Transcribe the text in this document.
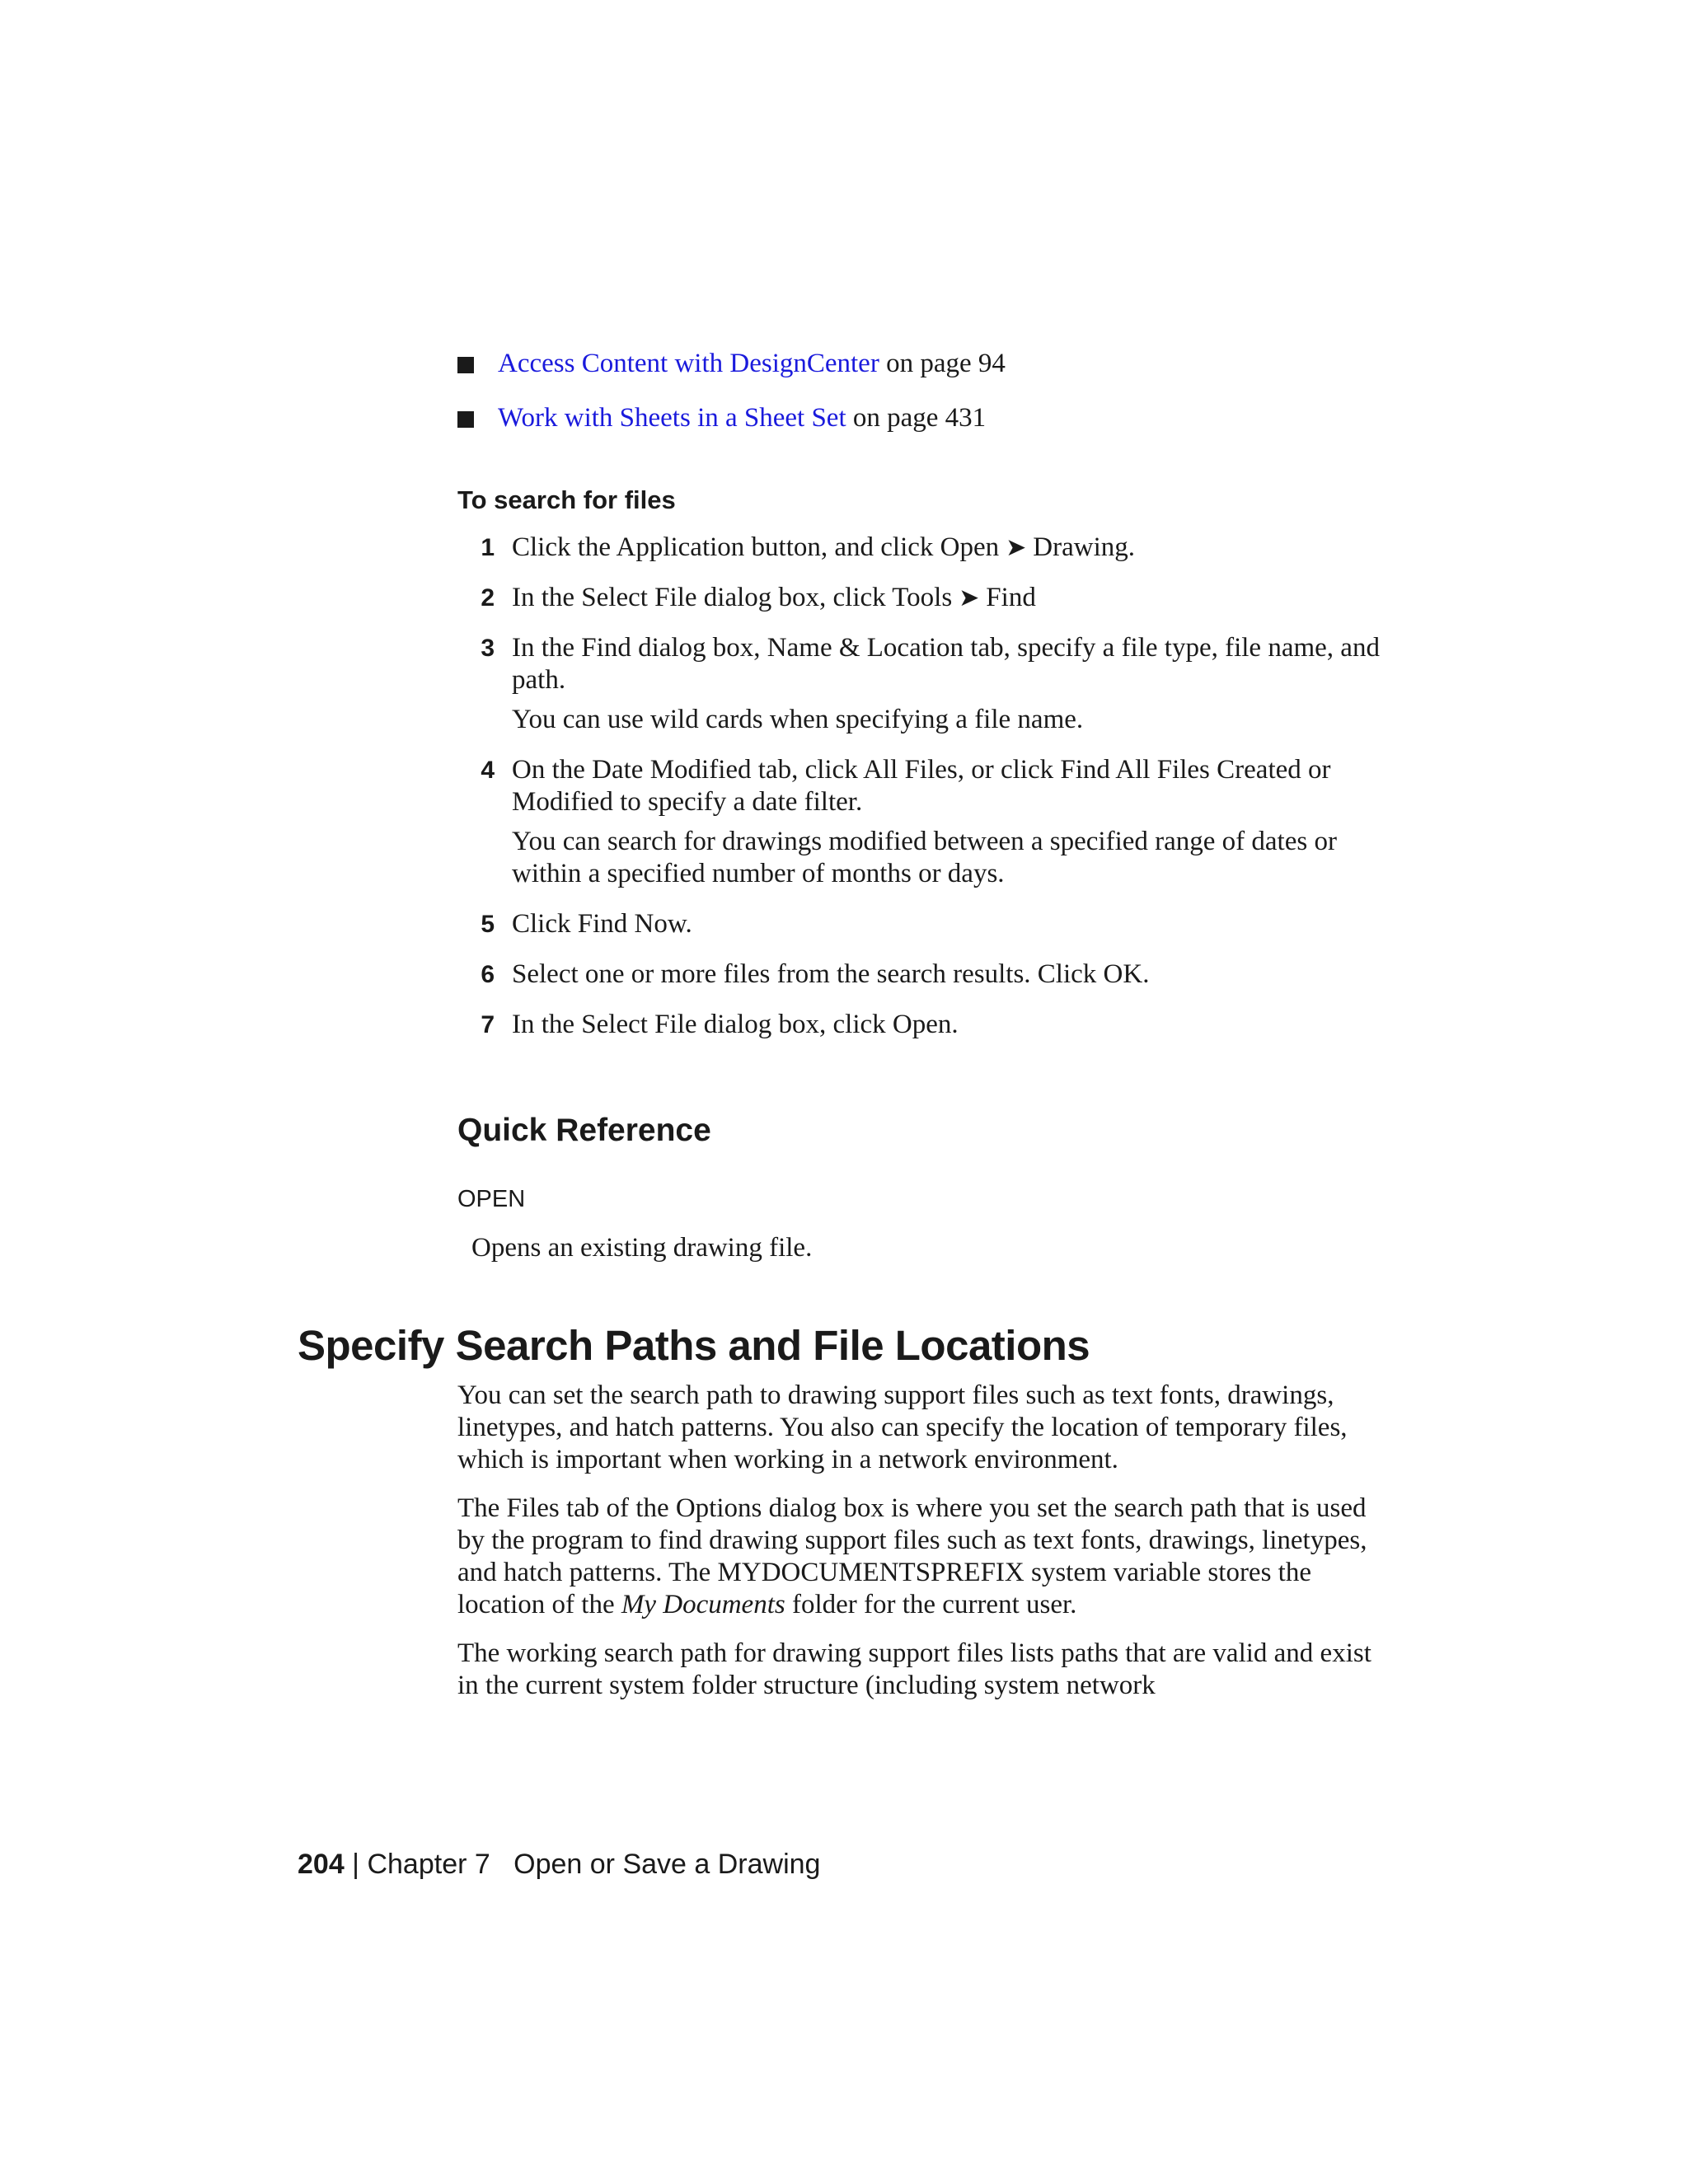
Access Content with DesignCenter on page 94
Work with Sheets in a Sheet Set on page 431
To search for files
1 Click the Application button, and click Open ➤ Drawing.
2 In the Select File dialog box, click Tools ➤ Find
3 In the Find dialog box, Name & Location tab, specify a file type, file name, and path.
You can use wild cards when specifying a file name.
4 On the Date Modified tab, click All Files, or click Find All Files Created or Modified to specify a date filter.
You can search for drawings modified between a specified range of dates or within a specified number of months or days.
5 Click Find Now.
6 Select one or more files from the search results. Click OK.
7 In the Select File dialog box, click Open.
Quick Reference
OPEN
Opens an existing drawing file.
Specify Search Paths and File Locations

You can set the search path to drawing support files such as text fonts, drawings, linetypes, and hatch patterns. You also can specify the location of temporary files, which is important when working in a network environment.

The Files tab of the Options dialog box is where you set the search path that is used by the program to find drawing support files such as text fonts, drawings, linetypes, and hatch patterns. The MYDOCUMENTSPREFIX system variable stores the location of the My Documents folder for the current user.

The working search path for drawing support files lists paths that are valid and exist in the current system folder structure (including system network

204 | Chapter 7 Open or Save a Drawing
